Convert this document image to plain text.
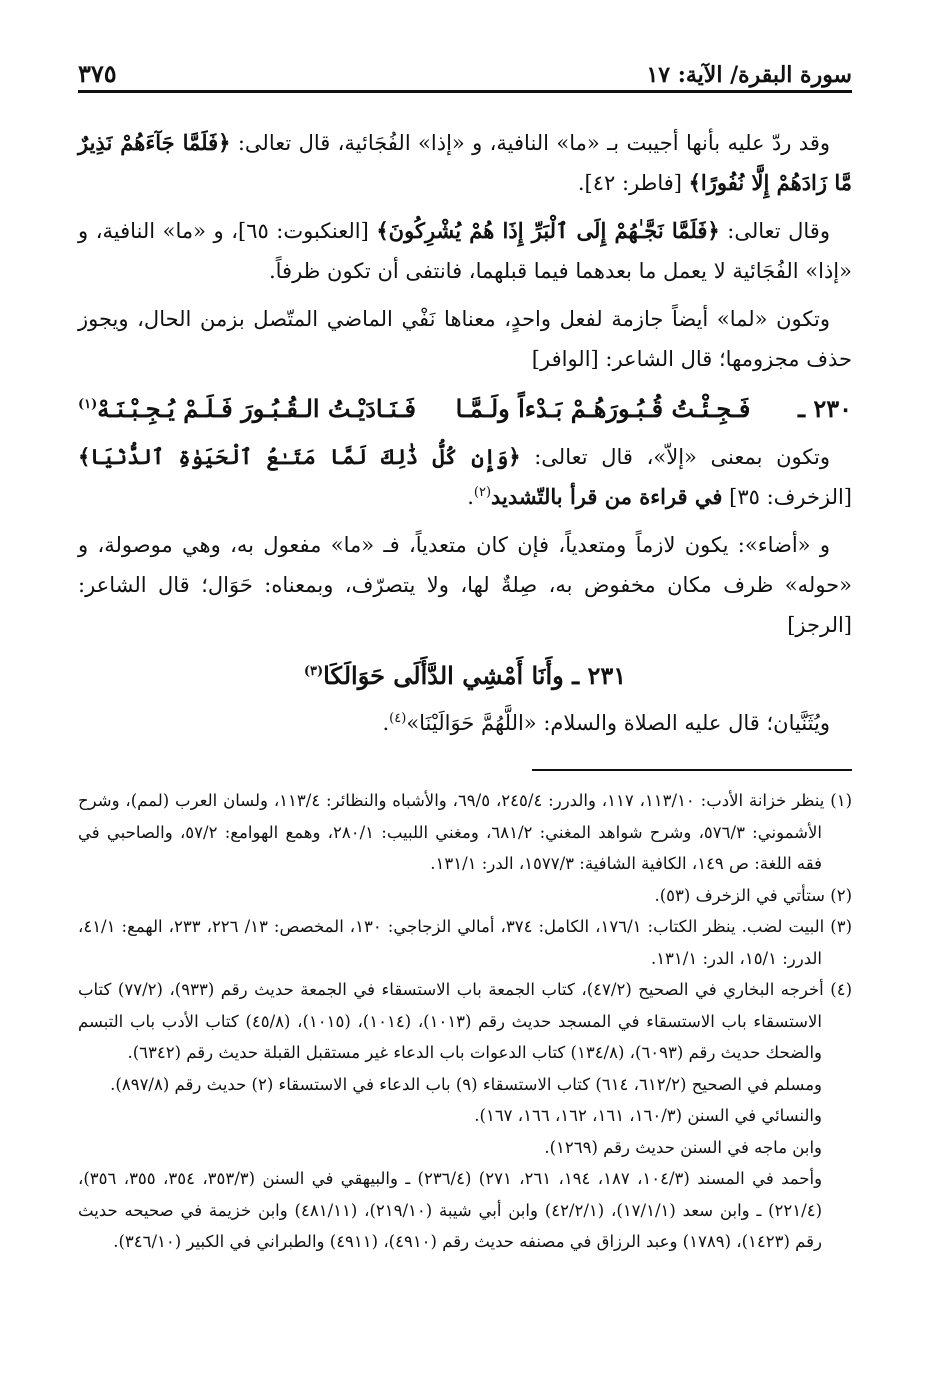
سورة البقرة/ الآية: ١٧
٣٧٥

وقد ردّ عليه بأنها أجيبت بـ «ما» النافية، و «إذا» الفُجَائية، قال تعالى: ﴿فَلَمَّا جَآءَهُمْ نَذِيرٌ مَّا زَادَهُمْ إِلَّا نُفُورًا﴾ [فاطر: ٤٢].

وقال تعالى: ﴿فَلَمَّا نَجَّـٰهُمْ إِلَى ٱلْبَرِّ إِذَا هُمْ يُشْرِكُونَ﴾ [العنكبوت: ٦٥]، و «ما» النافية، و «إذا» الفُجَائية لا يعمل ما بعدهما فيما قبلهما، فانتفى أن تكون ظرفاً.

وتكون «لما» أيضاً جازمة لفعل واحدٍ، معناها نَفْي الماضي المتّصل بزمن الحال، ويجوز حذف مجزومها؛ قال الشاعر: [الوافر]

٢٣٠ ـ
فَـجِـئْـتُ قُـبُـورَهُـمْ بَـدْءاً ولَـمَّـا
فَـنَـادَيْـتُ الـقُـبُـورَ فَـلَـمْ يُـجِـبْـنَـهْ$^{(١)}$

وتكون بمعنى «إلاّ»، قال تعالى: ﴿وَإِن كُلُّ ذَٰلِكَ لَمَّا مَتَـٰعُ ٱلْحَيَوٰةِ ٱلدُّنْيَا﴾ [الزخرف: ٣٥] في قراءة من قرأ بالتّشديد$^{(٢)}$.

و «أضاء»: يكون لازماً ومتعدياً، فإن كان متعدياً، فـ «ما» مفعول به، وهي موصولة، و «حوله» ظرف مكان مخفوض به، صِلةٌ لها، ولا يتصرّف، وبمعناه: حَوَال؛ قال الشاعر: [الرجز]

٢٣١ ـ وأَنَا أَمْشِي الدَّأَلَى حَوَالَكَا$^{(٣)}$

ويُثَنَّيان؛ قال عليه الصلاة والسلام: «اللَّهُمَّ حَوَالَيْنَا»$^{(٤)}$.

(١) ينظر خزانة الأدب: ١١٣/١٠، ١١٧، والدرر: ٢٤٥/٤، ٦٩/٥، والأشباه والنظائر: ١١٣/٤، ولسان العرب (لمم)، وشرح الأشموني: ٥٧٦/٣، وشرح شواهد المغني: ٦٨١/٢، ومغني اللبيب: ٢٨٠/١، وهمع الهوامع: ٥٧/٢، والصاحبي في فقه اللغة: ص ١٤٩، الكافية الشافية: ١٥٧٧/٣، الدر: ١٣١/١.

(٢) ستأتي في الزخرف (٥٣).

(٣) البيت لضب. ينظر الكتاب: ١٧٦/١، الكامل: ٣٧٤، أمالي الزجاجي: ١٣٠، المخصص: ١٣/ ٢٢٦، ٢٣٣، الهمع: ٤١/١، الدرر: ١٥/١، الدر: ١٣١/١.

(٤) أخرجه البخاري في الصحيح (٤٧/٢)، كتاب الجمعة باب الاستسقاء في الجمعة حديث رقم (٩٣٣)، (٧٧/٢) كتاب الاستسقاء باب الاستسقاء في المسجد حديث رقم (١٠١٣)، (١٠١٤)، (١٠١٥)، (٤٥/٨) كتاب الأدب باب التبسم والضحك حديث رقم (٦٠٩٣)، (١٣٤/٨) كتاب الدعوات باب الدعاء غير مستقبل القبلة حديث رقم (٦٣٤٢).

ومسلم في الصحيح (٦١٢/٢، ٦١٤) كتاب الاستسقاء (٩) باب الدعاء في الاستسقاء (٢) حديث رقم (٨٩٧/٨).

والنسائي في السنن (١٦٠/٣، ١٦١، ١٦٢، ١٦٦، ١٦٧).

وابن ماجه في السنن حديث رقم (١٢٦٩).

وأحمد في المسند (١٠٤/٣، ١٨٧، ١٩٤، ٢٦١، ٢٧١) (٢٣٦/٤) ـ والبيهقي في السنن (٣٥٣/٣، ٣٥٤، ٣٥٥، ٣٥٦)، (٢٢١/٤) ـ وابن سعد (١٧/١/١)، (٤٢/٢/١) وابن أبي شيبة (٢١٩/١٠)، (٤٨١/١١) وابن خزيمة في صحيحه حديث رقم (١٤٢٣)، (١٧٨٩) وعبد الرزاق في مصنفه حديث رقم (٤٩١٠)، (٤٩١١) والطبراني في الكبير (٣٤٦/١٠).
